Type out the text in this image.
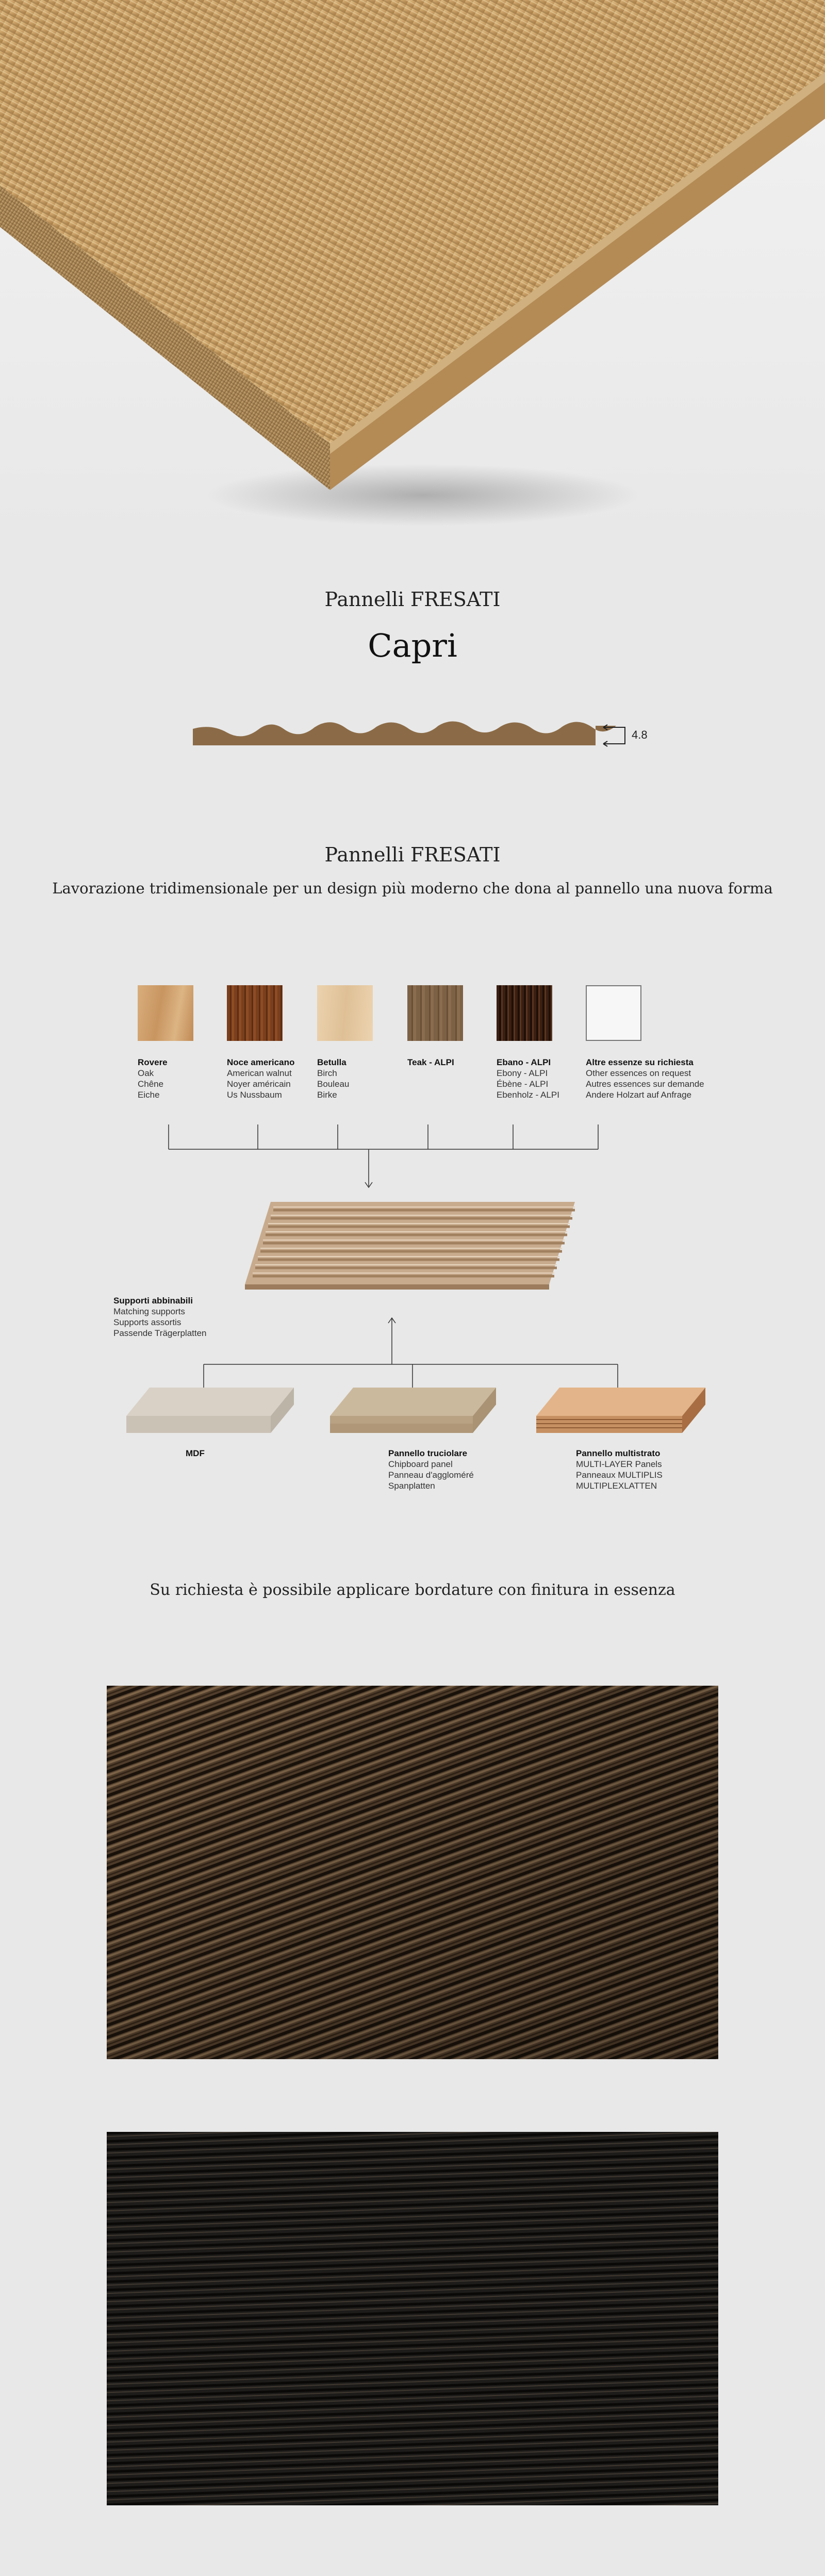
Pannelli FRESATI
Capri
4.8
Pannelli FRESATI
Lavorazione tridimensionale per un design più moderno che dona al pannello una nuova forma
Rovere
Oak
Chêne
Eiche
Noce americano
American walnut
Noyer américain
Us Nussbaum
Betulla
Birch
Bouleau
Birke
Teak - ALPI	Ebano - ALPI
Ebony - ALPI
Ébène - ALPI
Ebenholz - ALPI
Altre essenze su richiesta
Other essences on request
Autres essences sur demande
Andere Holzart auf Anfrage
Supporti abbinabili
Matching supports
Supports assortis
Passende Trägerplatten
MDF	Pannello truciolare
Chipboard panel
Panneau d'aggloméré
Spanplatten
Pannello multistrato
MULTI-LAYER Panels
Panneaux MULTIPLIS
MULTIPLEXLATTEN
Su richiesta è possibile applicare bordature con finitura in essenza
